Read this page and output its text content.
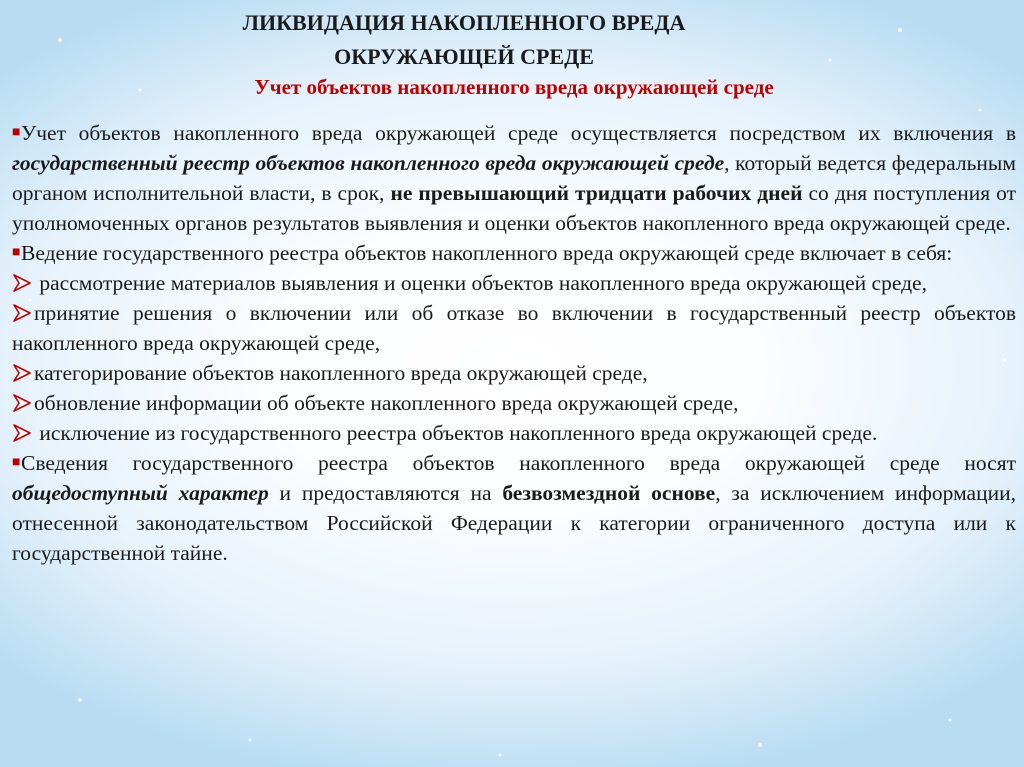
ЛИКВИДАЦИЯ НАКОПЛЕННОГО ВРЕДА
ОКРУЖАЮЩЕЙ СРЕДЕ
Учет объектов накопленного вреда окружающей среде

■Учет объектов накопленного вреда окружающей среде осуществляется посредством их включения в государственный реестр объектов накопленного вреда окружающей среде, который ведется федеральным органом исполнительной власти, в срок, не превышающий тридцати рабочих дней со дня поступления от уполномоченных органов результатов выявления и оценки объектов накопленного вреда окружающей среде.

■Ведение государственного реестра объектов накопленного вреда окружающей среде включает в себя:

рассмотрение материалов выявления и оценки объектов накопленного вреда окружающей среде,

принятие решения о включении или об отказе во включении в государственный реестр объектов накопленного вреда окружающей среде,

категорирование объектов накопленного вреда окружающей среде,

обновление информации об объекте накопленного вреда окружающей среде,

исключение из государственного реестра объектов накопленного вреда окружающей среде.

■Сведения государственного реестра объектов накопленного вреда окружающей среде носят общедоступный характер и предоставляются на безвозмездной основе, за исключением информации, отнесенной законодательством Российской Федерации к категории ограниченного доступа или к государственной тайне.
